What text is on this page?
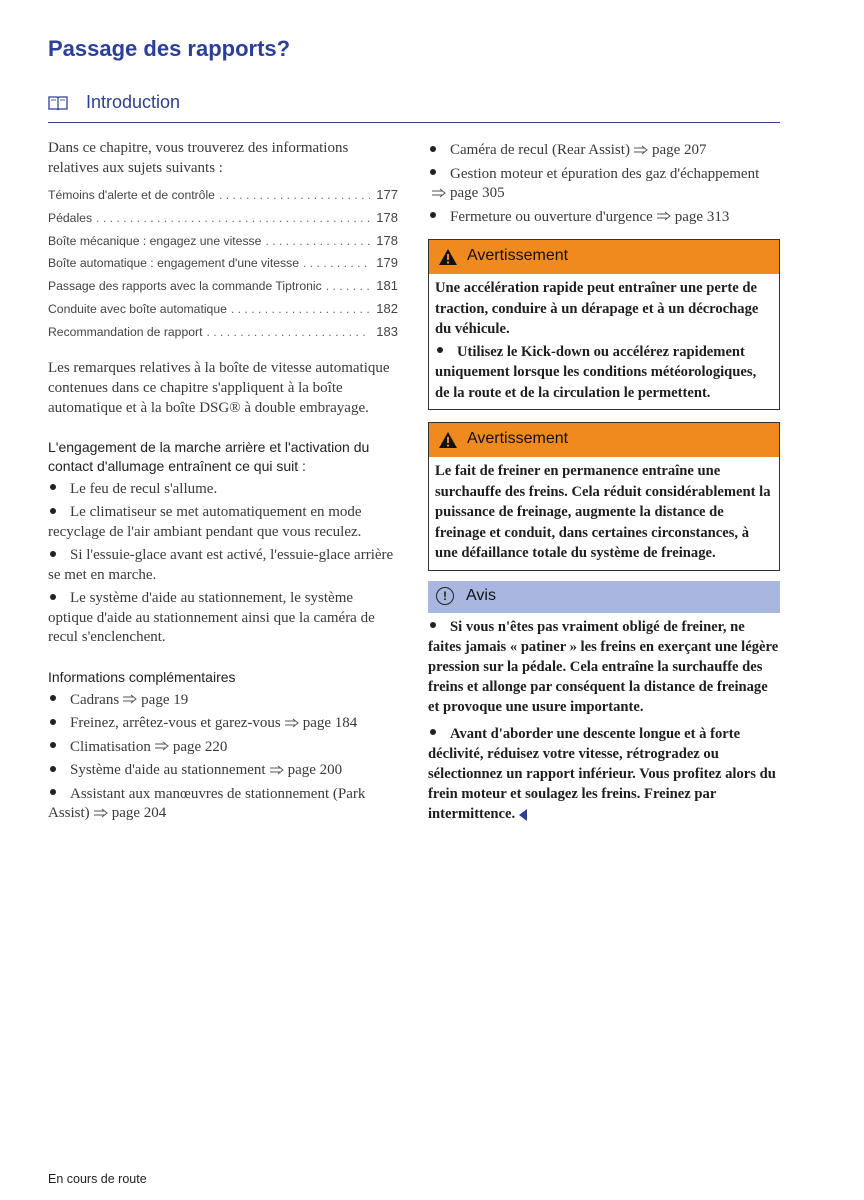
Passage des rapports?
Introduction

Dans ce chapitre, vous trouverez des informations relatives aux sujets suivants :

Témoins d'alerte et de contrôle . . .	177
Pédales . . .	178
Boîte mécanique : engagez une vitesse . . .	178
Boîte automatique : engagement d'une vitesse . . .	179
Passage des rapports avec la commande Tiptronic . . .	181
Conduite avec boîte automatique . . .	182
Recommandation de rapport . . .	183

Les remarques relatives à la boîte de vitesse automatique contenues dans ce chapitre s'appliquent à la boîte automatique et à la boîte DSG® à double embrayage.

L'engagement de la marche arrière et l'activation du contact d'allumage entraînent ce qui suit :
Le feu de recul s'allume.
Le climatiseur se met automatiquement en mode recyclage de l'air ambiant pendant que vous reculez.
Si l'essuie-glace avant est activé, l'essuie-glace arrière se met en marche.
Le système d'aide au stationnement, le système optique d'aide au stationnement ainsi que la caméra de recul s'enclenchent.
Informations complémentaires
Cadrans page 19
Freinez, arrêtez-vous et garez-vous page 184
Climatisation page 220
Système d'aide au stationnement page 200
Assistant aux manœuvres de stationnement (Park Assist) page 204
Caméra de recul (Rear Assist) page 207
Gestion moteur et épuration des gaz d'échappementpage 305
Fermeture ou ouverture d'urgence page 313
Avertissement

Une accélération rapide peut entraîner une perte de traction, conduire à un dérapage et à un décrochage du véhicule.

Utilisez le Kick-down ou accélérez rapidement uniquement lorsque les conditions météorologiques, de la route et de la circulation le permettent.

Avertissement

Le fait de freiner en permanence entraîne une surchauffe des freins. Cela réduit considérablement la puissance de freinage, augmente la distance de freinage et conduit, dans certaines circonstances, à une défaillance totale du système de freinage.

!	Avis

Si vous n'êtes pas vraiment obligé de freiner, ne faites jamais « patiner » les freins en exerçant une légère pression sur la pédale. Cela entraîne la surchauffe des freins et allonge par conséquent la distance de freinage et provoque une usure importante.

Avant d'aborder une descente longue et à forte déclivité, réduisez votre vitesse, rétrogradez ou sélectionnez un rapport inférieur. Vous profitez alors du frein moteur et soulagez les freins. Freinez par intermittence.

En cours de route
